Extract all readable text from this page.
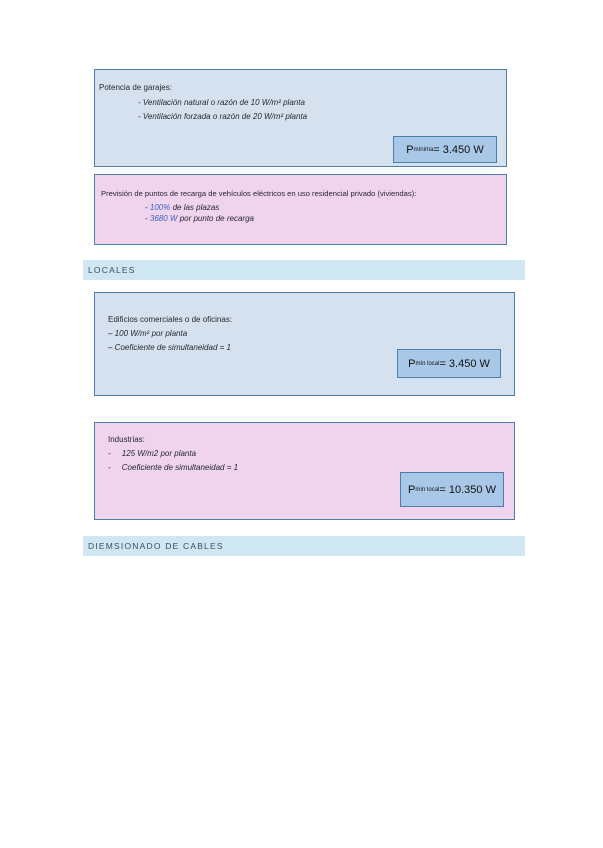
Potencia de garajes:
- Ventilación natural o razón de 10 W/m² planta
- Ventilación forzada o razón de 20 W/m² planta
P mínima = 3.450 W
Previsión de puntos de recarga de vehículos eléctricos en uso residencial privado (viviendas):
- 100% de las plazas
- 3680 W por punto de recarga
LOCALES
Edificios comerciales o de oficinas:
– 100 W/m² por planta
– Coeficiente de simultaneidad = 1
P mín local = 3.450 W
Industrias:
-     125 W/m2 por planta
-     Coeficiente de simultaneidad = 1
P mín local = 10.350 W
DIEMSIONADO DE CABLES
